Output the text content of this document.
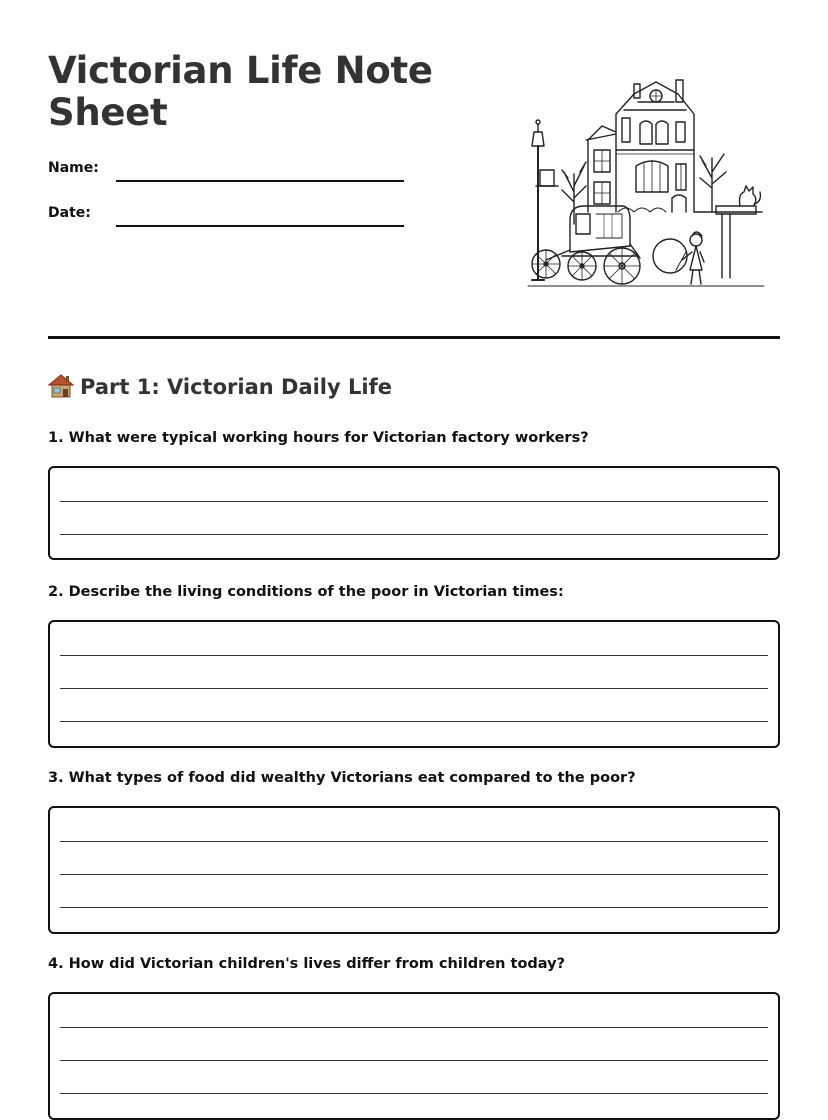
Victorian Life Note Sheet
Name:
Date:
Part 1: Victorian Daily Life

1. What were typical working hours for Victorian factory workers?

2. Describe the living conditions of the poor in Victorian times:

3. What types of food did wealthy Victorians eat compared to the poor?

4. How did Victorian children's lives differ from children today?
